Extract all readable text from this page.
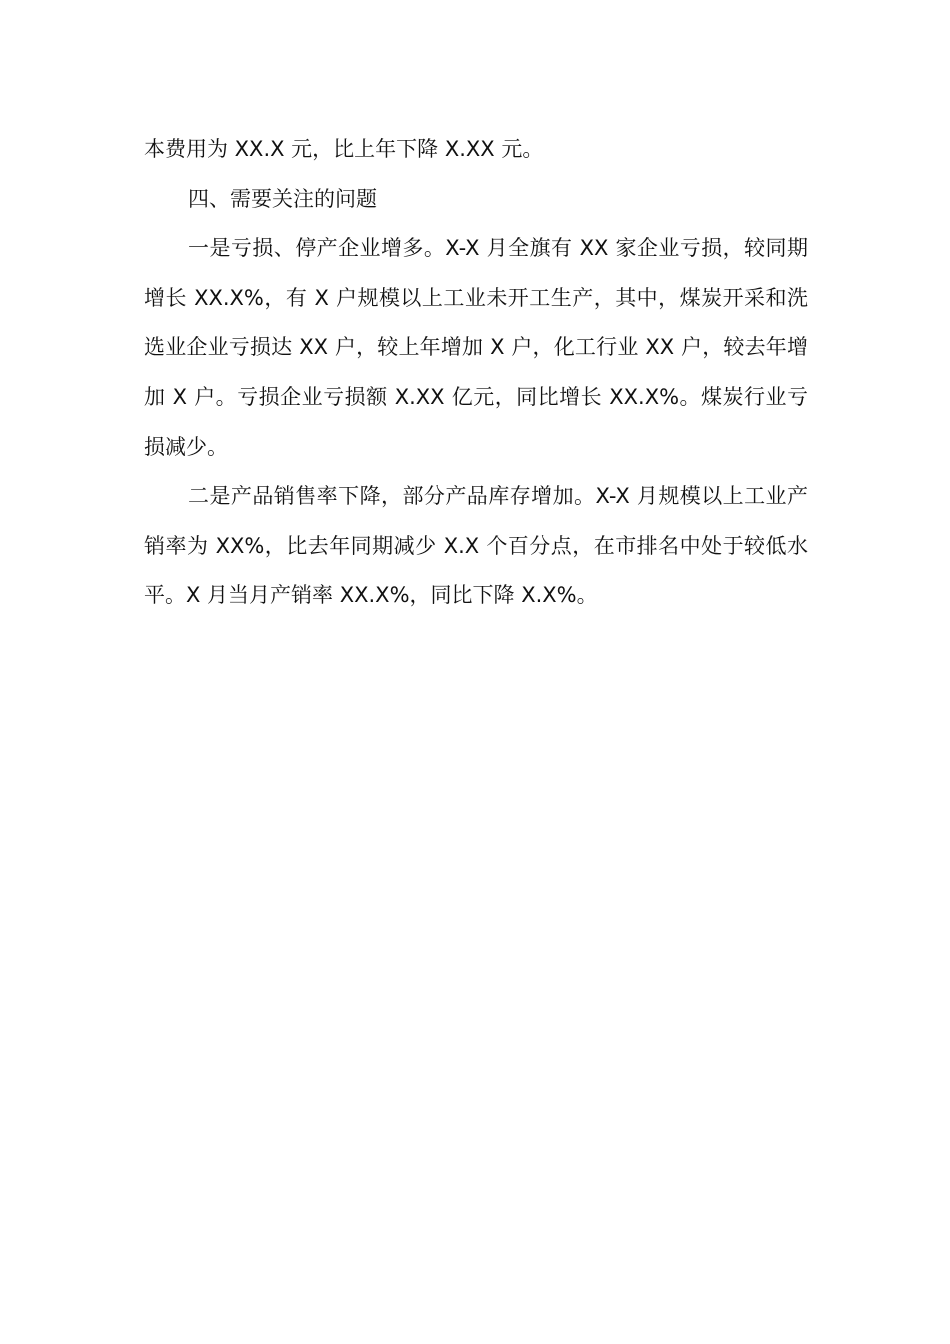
本费用为 XX.X 元，比上年下降 X.XX 元。

四、需要关注的问题

一是亏损、停产企业增多。X-X 月全旗有 XX 家企业亏损，较同期增长 XX.X%，有 X 户规模以上工业未开工生产，其中，煤炭开采和洗选业企业亏损达 XX 户，较上年增加 X 户，化工行业 XX 户，较去年增加 X 户。亏损企业亏损额 X.XX 亿元，同比增长 XX.X%。煤炭行业亏损减少。

二是产品销售率下降，部分产品库存增加。X-X 月规模以上工业产销率为 XX%，比去年同期减少 X.X 个百分点，在市排名中处于较低水平。X 月当月产销率 XX.X%，同比下降 X.X%。
